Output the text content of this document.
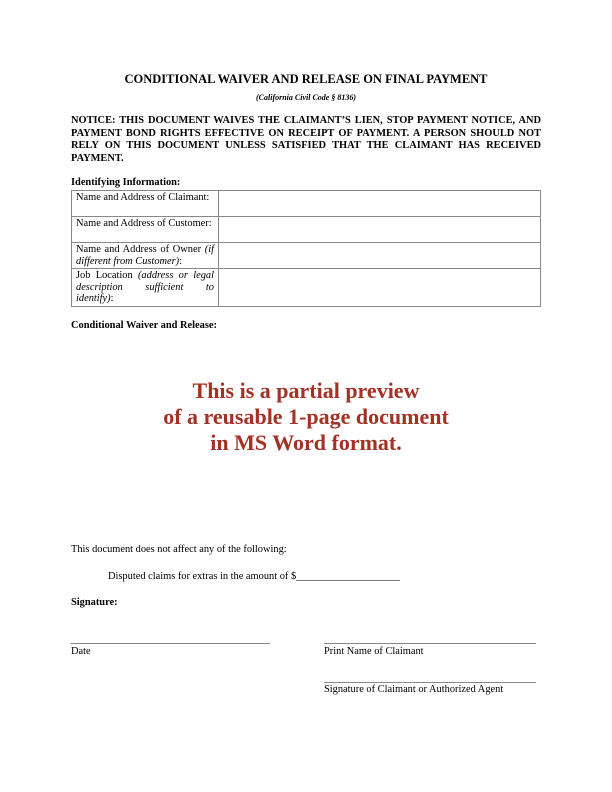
CONDITIONAL WAIVER AND RELEASE ON FINAL PAYMENT
(California Civil Code § 8136)
NOTICE: THIS DOCUMENT WAIVES THE CLAIMANT’S LIEN, STOP PAYMENT NOTICE, AND PAYMENT BOND RIGHTS EFFECTIVE ON RECEIPT OF PAYMENT. A PERSON SHOULD NOT RELY ON THIS DOCUMENT UNLESS SATISFIED THAT THE CLAIMANT HAS RECEIVED PAYMENT.
Identifying Information:
Name and Address of Claimant:	
Name and Address of Customer:	
Name and Address of Owner (if different from Customer):	
Job Location (address or legal description sufficient to identify):	
Conditional Waiver and Release:
This is a partial preview
of a reusable 1-page document
in MS Word format.
This document does not affect any of the following:
Disputed claims for extras in the amount of $____________________
Signature:
Date	Print Name of Claimant
Signature of Claimant or Authorized Agent
